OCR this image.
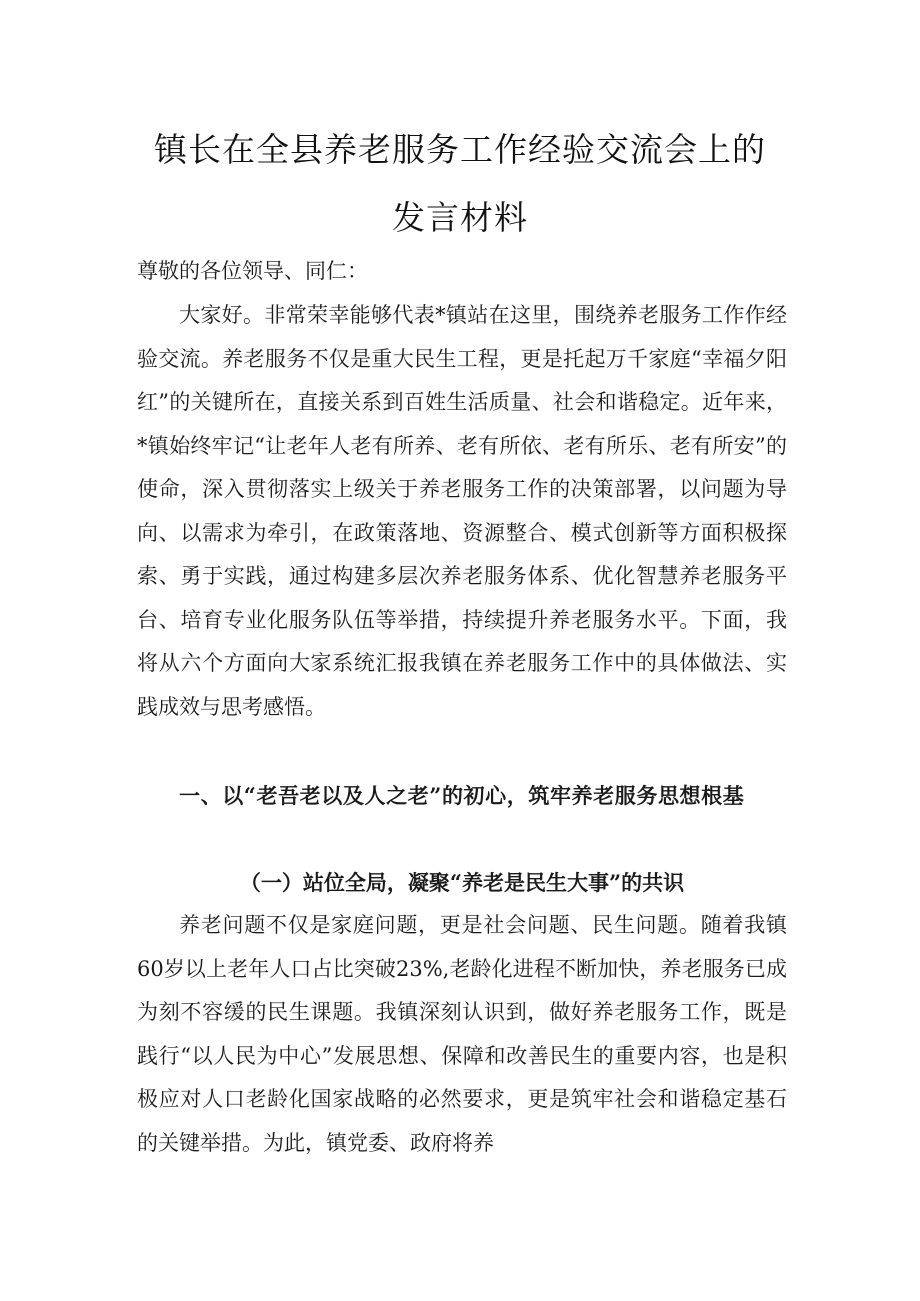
镇长在全县养老服务工作经验交流会上的
发言材料

尊敬的各位领导、同仁：

大家好。非常荣幸能够代表*镇站在这里，围绕养老服务工作作经验交流。养老服务不仅是重大民生工程，更是托起万千家庭“幸福夕阳红”的关键所在，直接关系到百姓生活质量、社会和谐稳定。近年来，*镇始终牢记“让老年人老有所养、老有所依、老有所乐、老有所安”的使命，深入贯彻落实上级关于养老服务工作的决策部署，以问题为导向、以需求为牵引，在政策落地、资源整合、模式创新等方面积极探索、勇于实践，通过构建多层次养老服务体系、优化智慧养老服务平台、培育专业化服务队伍等举措，持续提升养老服务水平。下面，我将从六个方面向大家系统汇报我镇在养老服务工作中的具体做法、实践成效与思考感悟。

一、以“老吾老以及人之老”的初心，筑牢养老服务思想根基

（一）站位全局，凝聚“养老是民生大事”的共识

养老问题不仅是家庭问题，更是社会问题、民生问题。随着我镇60岁以上老年人口占比突破23%,老龄化进程不断加快，养老服务已成为刻不容缓的民生课题。我镇深刻认识到，做好养老服务工作，既是践行“以人民为中心”发展思想、保障和改善民生的重要内容，也是积极应对人口老龄化国家战略的必然要求，更是筑牢社会和谐稳定基石的关键举措。为此，镇党委、政府将养
